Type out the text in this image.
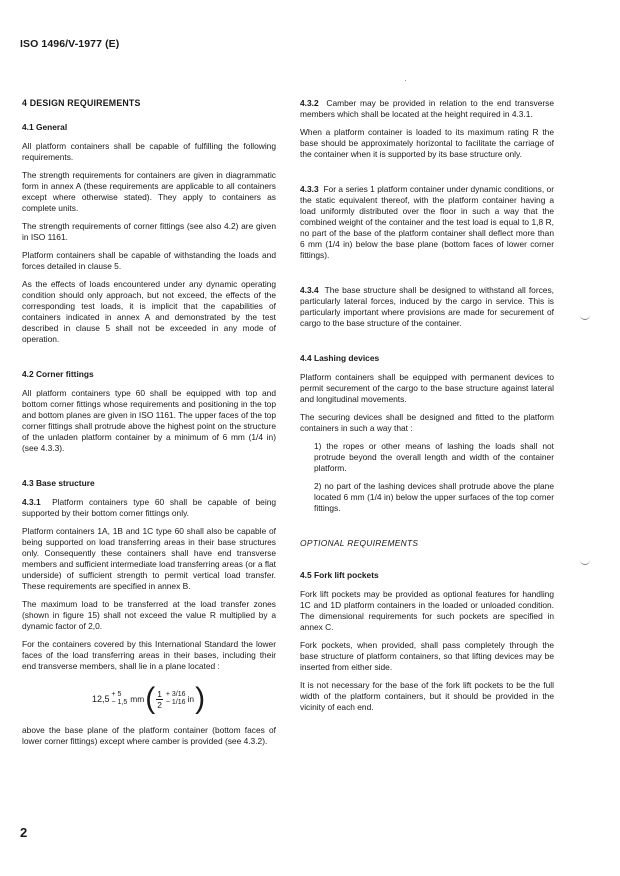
ISO 1496/V-1977 (E)
4 DESIGN REQUIREMENTS
4.1 General

All platform containers shall be capable of fulfilling the following requirements.

The strength requirements for containers are given in diagrammatic form in annex A (these requirements are applicable to all containers except where otherwise stated). They apply to containers as complete units.

The strength requirements of corner fittings (see also 4.2) are given in ISO 1161.

Platform containers shall be capable of withstanding the loads and forces detailed in clause 5.

As the effects of loads encountered under any dynamic operating condition should only approach, but not exceed, the effects of the corresponding test loads, it is implicit that the capabilities of containers indicated in annex A and demonstrated by the test described in clause 5 shall not be exceeded in any mode of operation.

4.2 Corner fittings

All platform containers type 60 shall be equipped with top and bottom corner fittings whose requirements and positioning in the top and bottom planes are given in ISO 1161. The upper faces of the top corner fittings shall protrude above the highest point on the structure of the unladen platform container by a minimum of 6 mm (1/4 in) (see 4.3.3).

4.3 Base structure

4.3.1 Platform containers type 60 shall be capable of being supported by their bottom corner fittings only.

Platform containers 1A, 1B and 1C type 60 shall also be capable of being supported on load transferring areas in their base structures only. Consequently these containers shall have end transverse members and sufficient intermediate load transferring areas (or a flat underside) of sufficient strength to permit vertical load transfer. These requirements are specified in annex B.

The maximum load to be transferred at the load transfer zones (shown in figure 15) shall not exceed the value R multiplied by a dynamic factor of 2,0.

For the containers covered by this International Standard the lower faces of the load transferring areas in their bases, including their end transverse members, shall lie in a plane located :

12,5 + 5
− 1,5 mm ( $\frac{1}{2} + 3/16$
− 1/16 in )

above the base plane of the platform container (bottom faces of lower corner fittings) except where camber is provided (see 4.3.2).

4.3.2 Camber may be provided in relation to the end transverse members which shall be located at the height required in 4.3.1.

When a platform container is loaded to its maximum rating R the base should be approximately horizontal to facilitate the carriage of the container when it is supported by its base structure only.

4.3.3 For a series 1 platform container under dynamic conditions, or the static equivalent thereof, with the platform container having a load uniformly distributed over the floor in such a way that the combined weight of the container and the test load is equal to 1,8 R, no part of the base of the platform container shall deflect more than 6 mm (1/4 in) below the base plane (bottom faces of lower corner fittings).

4.3.4 The base structure shall be designed to withstand all forces, particularly lateral forces, induced by the cargo in service. This is particularly important where provisions are made for securement of cargo to the base structure of the container.

4.4 Lashing devices

Platform containers shall be equipped with permanent devices to permit securement of the cargo to the base structure against lateral and longitudinal movements.

The securing devices shall be designed and fitted to the platform containers in such a way that :

1) the ropes or other means of lashing the loads shall not protrude beyond the overall length and width of the container platform.

2) no part of the lashing devices shall protrude above the plane located 6 mm (1/4 in) below the upper surfaces of the top corner fittings.

OPTIONAL REQUIREMENTS
4.5 Fork lift pockets

Fork lift pockets may be provided as optional features for handling 1C and 1D platform containers in the loaded or unloaded condition. The dimensional requirements for such pockets are specified in annex C.

Fork pockets, when provided, shall pass completely through the base structure of platform containers, so that lifting devices may be inserted from either side.

It is not necessary for the base of the fork lift pockets to be the full width of the platform containers, but it should be provided in the vicinity of each end.

2
